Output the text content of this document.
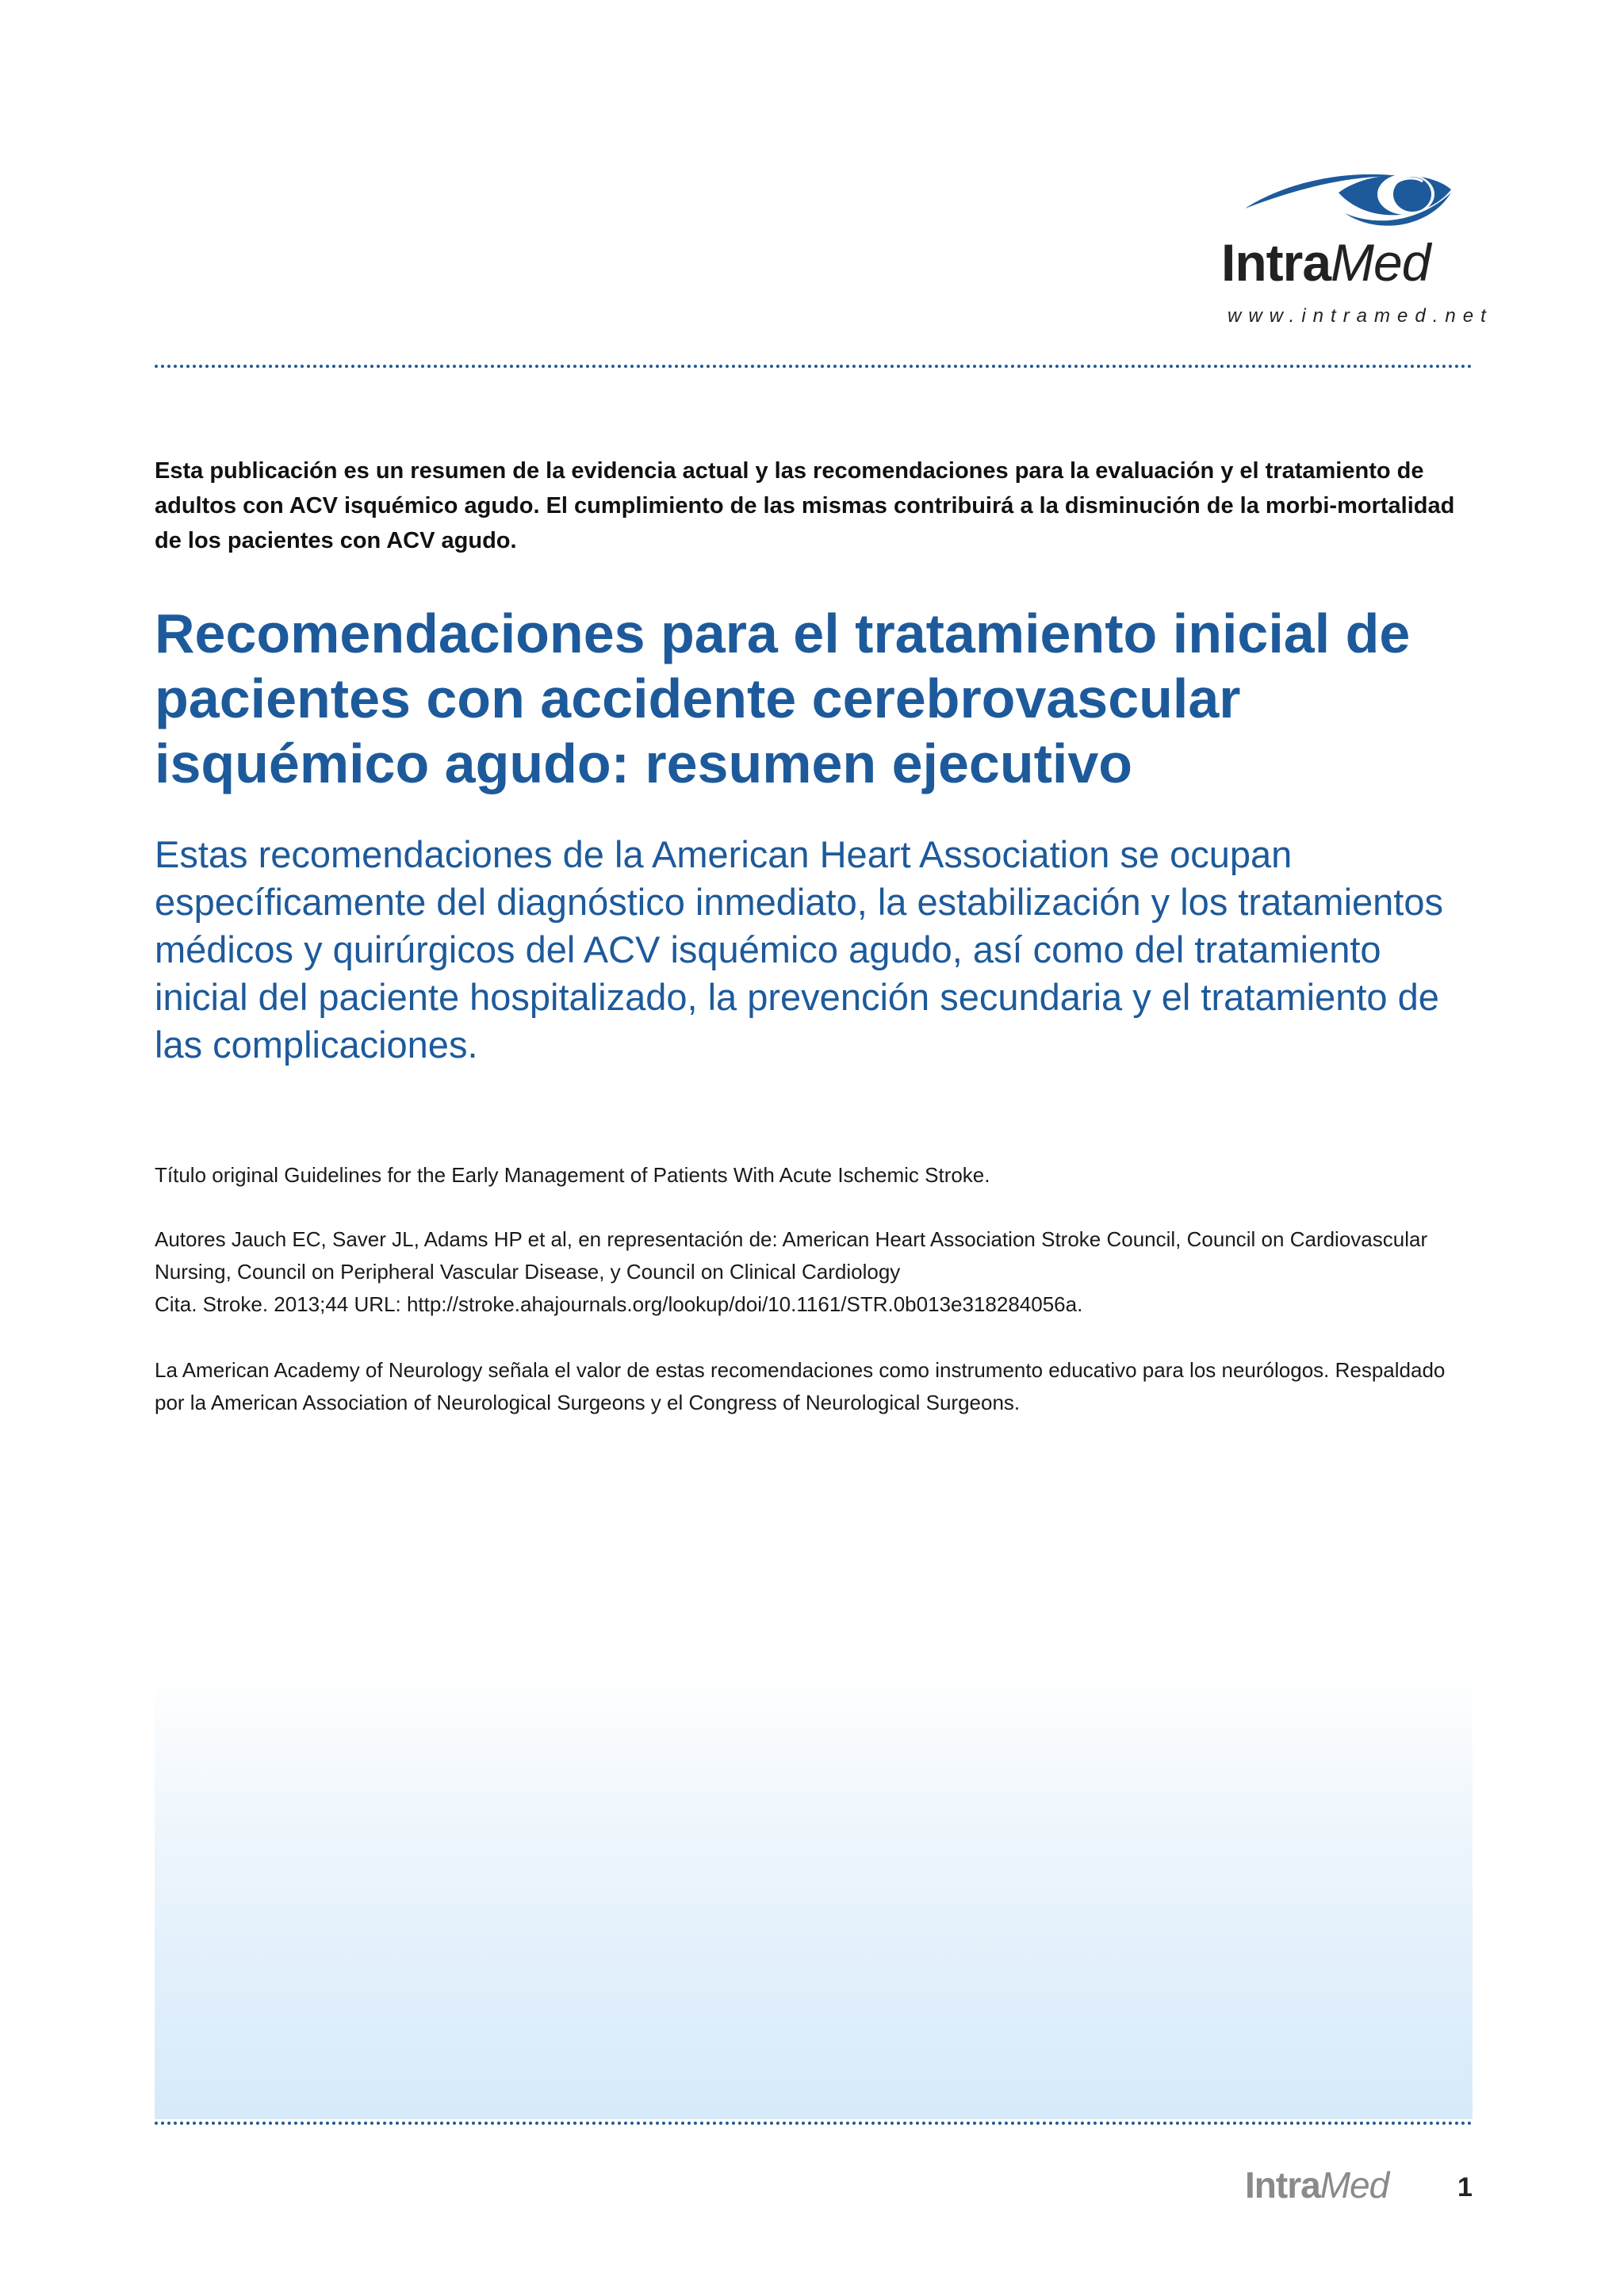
IntraMed
www.intramed.net
Esta publicación es un resumen de la evidencia actual y las recomendaciones para la evaluación y el tratamiento de adultos con ACV isquémico agudo. El cumplimiento de las mismas contribuirá a la disminución de la morbi-mortalidad de los pacientes con ACV agudo.
Recomendaciones para el tratamiento inicial de pacientes con accidente cerebrovascular isquémico agudo: resumen ejecutivo

Estas recomendaciones de la American Heart Association se ocupan específicamente del diagnóstico inmediato, la estabilización y los tratamientos médicos y quirúrgicos del ACV isquémico agudo, así como del tratamiento inicial del paciente hospitalizado, la prevención secundaria y el tratamiento de las complicaciones.

Título original Guidelines for the Early Management of Patients With Acute Ischemic Stroke.
Autores Jauch EC, Saver JL, Adams HP et al, en representación de: American Heart Association Stroke Council, Council on Cardiovascular Nursing, Council on Peripheral Vascular Disease, y Council on Clinical Cardiology
Cita. Stroke. 2013;44 URL: http://stroke.ahajournals.org/lookup/doi/10.1161/STR.0b013e318284056a.
La American Academy of Neurology señala el valor de estas recomendaciones como instrumento educativo para los neurólogos. Respaldado por la American Association of Neurological Surgeons y el Congress of Neurological Surgeons.
IntraMed	1
